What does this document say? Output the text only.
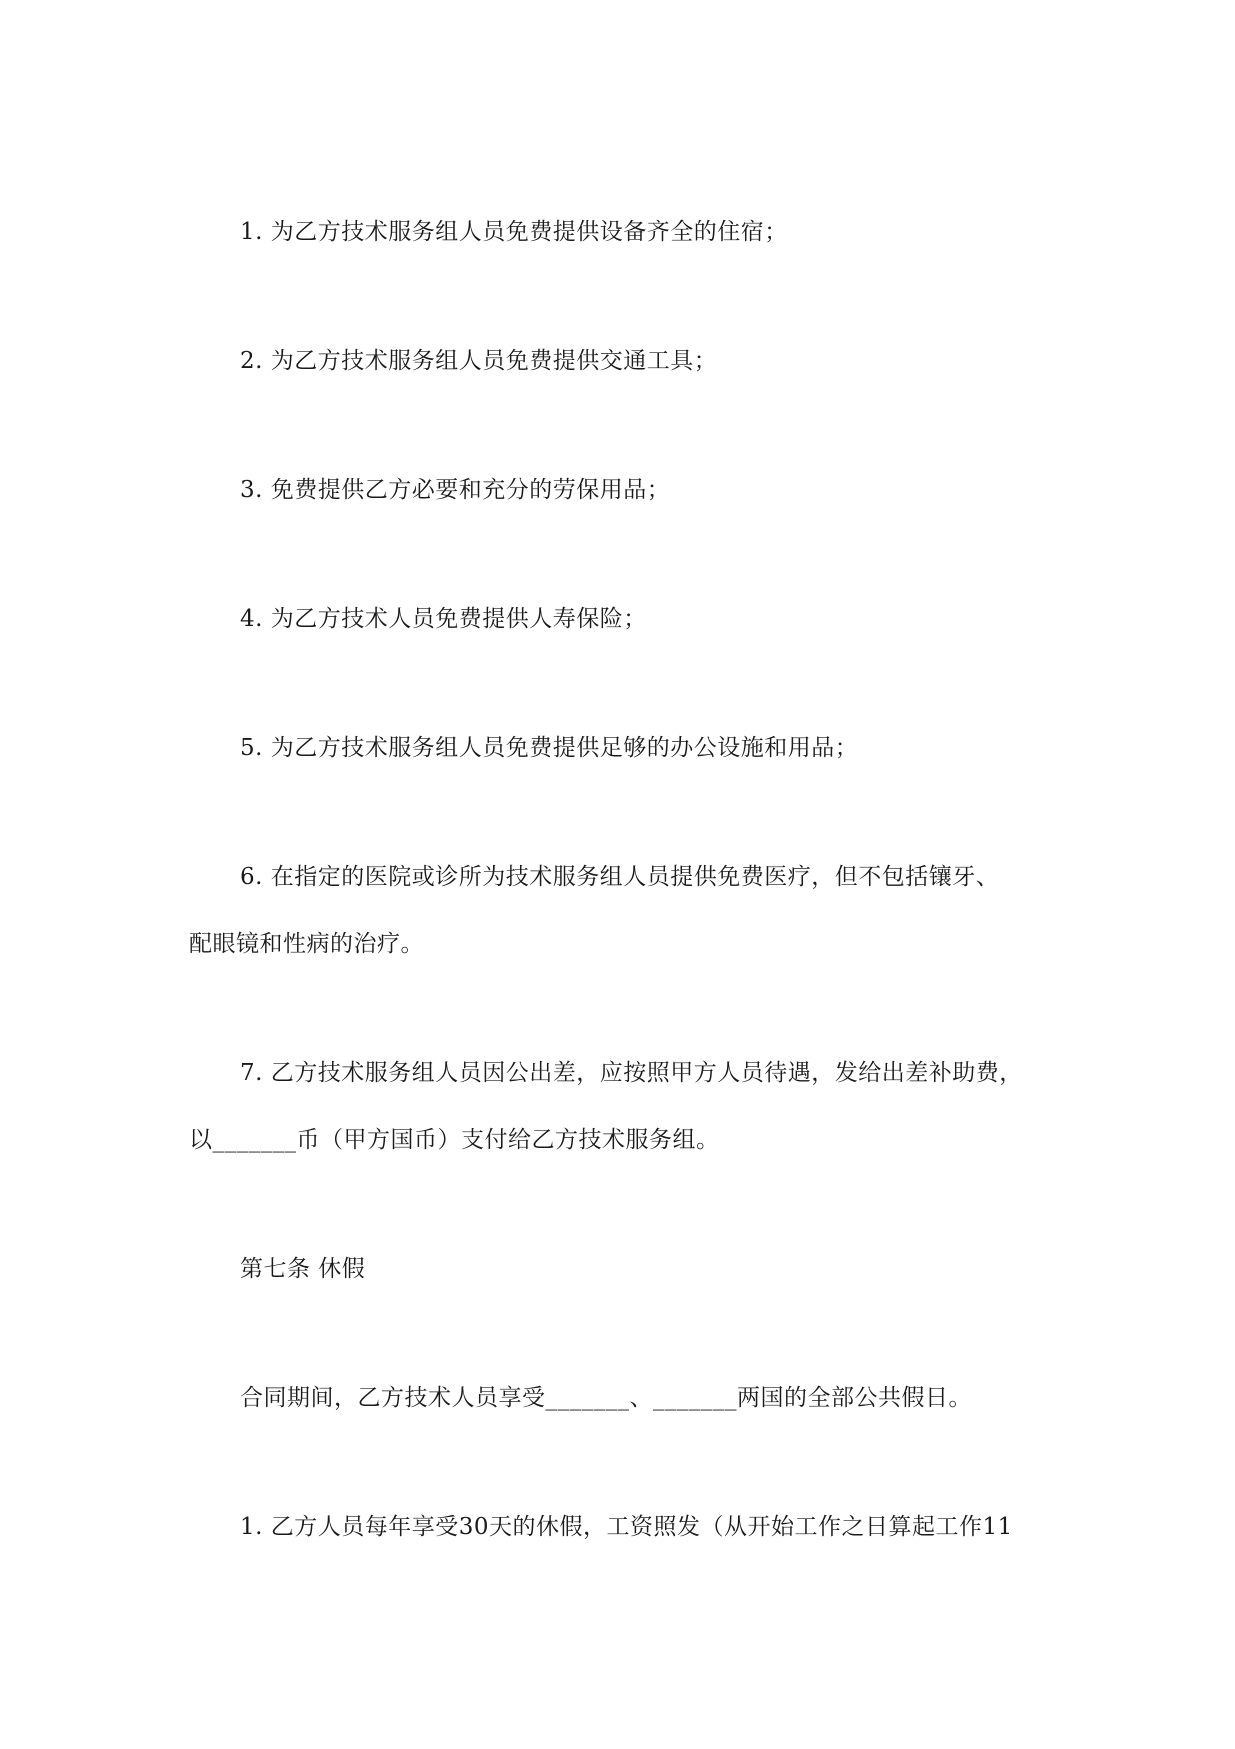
1. 为乙方技术服务组人员免费提供设备齐全的住宿；

2. 为乙方技术服务组人员免费提供交通工具；

3. 免费提供乙方必要和充分的劳保用品；

4. 为乙方技术人员免费提供人寿保险；

5. 为乙方技术服务组人员免费提供足够的办公设施和用品；

6. 在指定的医院或诊所为技术服务组人员提供免费医疗，但不包括镶牙、

配眼镜和性病的治疗。

7. 乙方技术服务组人员因公出差，应按照甲方人员待遇，发给出差补助费，

以_______币（甲方国币）支付给乙方技术服务组。

第七条 休假

合同期间，乙方技术人员享受_______、_______两国的全部公共假日。

1. 乙方人员每年享受30天的休假，工资照发（从开始工作之日算起工作11
